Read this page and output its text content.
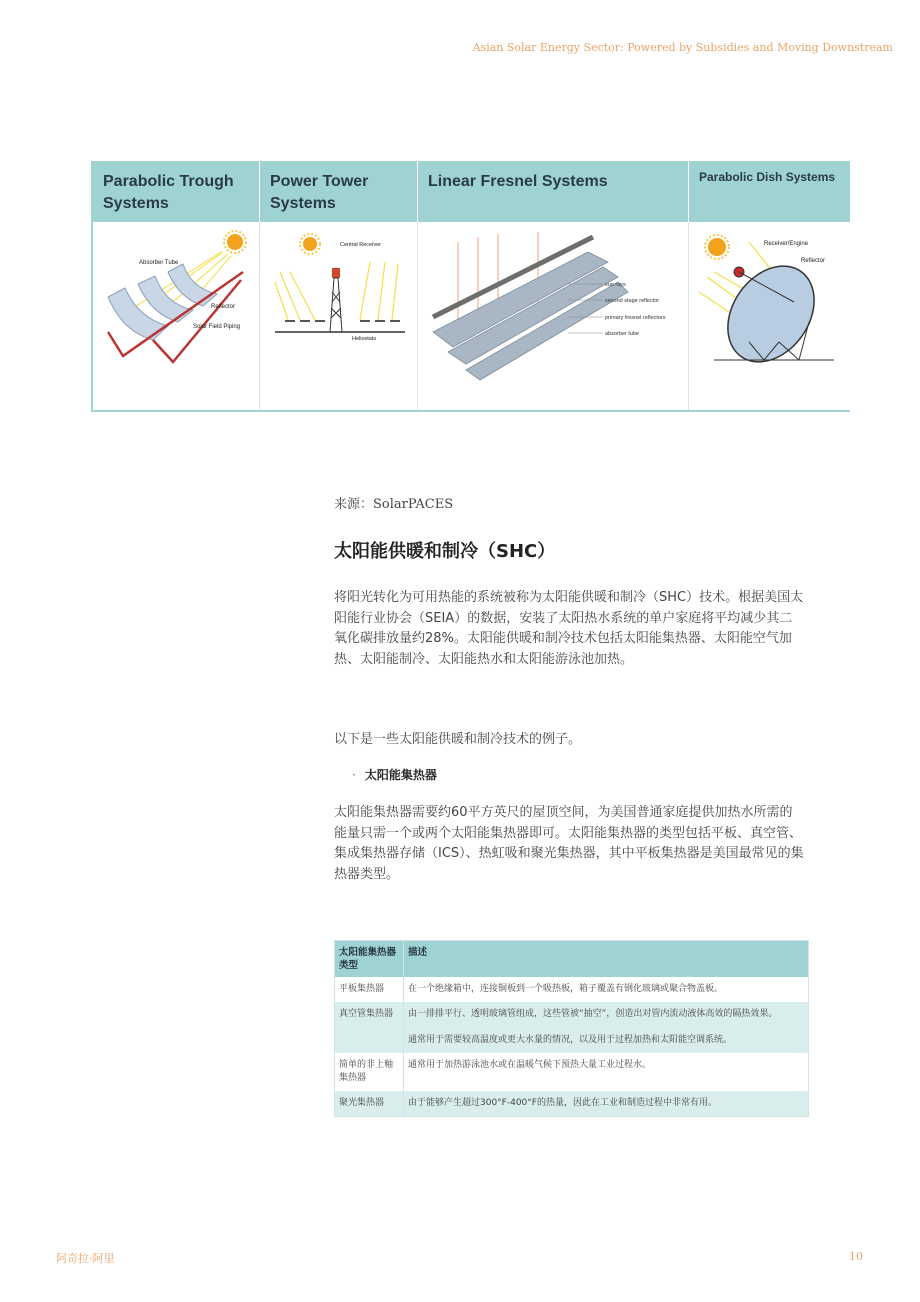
Asian Solar Energy Sector: Powered by Subsidies and Moving Downstream
Parabolic Trough Systems
Power Tower Systems
Linear Fresnel Systems	Parabolic Dish Systems
Absorber Tube
Reflector
Solar Field Piping
Central Receiver
Heliostats
sun rays
second stage reflector
primary fresnel reflectors
absorber tube
Receiver/Engine
Reflector
来源：SolarPACES
太阳能供暖和制冷（SHC）
将阳光转化为可用热能的系统被称为太阳能供暖和制冷（SHC）技术。根据美国太阳能行业协会（SEIA）的数据，安装了太阳热水系统的单户家庭将平均减少其二氧化碳排放量约28%。太阳能供暖和制冷技术包括太阳能集热器、太阳能空气加热、太阳能制冷、太阳能热水和太阳能游泳池加热。
以下是一些太阳能供暖和制冷技术的例子。
· 太阳能集热器
太阳能集热器需要约60平方英尺的屋顶空间，为美国普通家庭提供加热水所需的能量只需一个或两个太阳能集热器即可。太阳能集热器的类型包括平板、真空管、集成集热器存储（ICS）、热虹吸和聚光集热器，其中平板集热器是美国最常见的集热器类型。
太阳能集热器类型	描述
平板集热器	在一个绝缘箱中，连接铜板到一个吸热板，箱子覆盖有钢化玻璃或聚合物盖板。
真空管集热器	由一排排平行、透明玻璃管组成，这些管被“抽空”，创造出对管内流动液体高效的隔热效果。
通常用于需要较高温度或更大水量的情况，以及用于过程加热和太阳能空调系统。

简单的非上釉集热器	通常用于加热游泳池水或在温暖气候下预热大量工业过程水。
聚光集热器	由于能够产生超过300°F-400°F的热量，因此在工业和制造过程中非常有用。
阿奇拉·阿里	10
